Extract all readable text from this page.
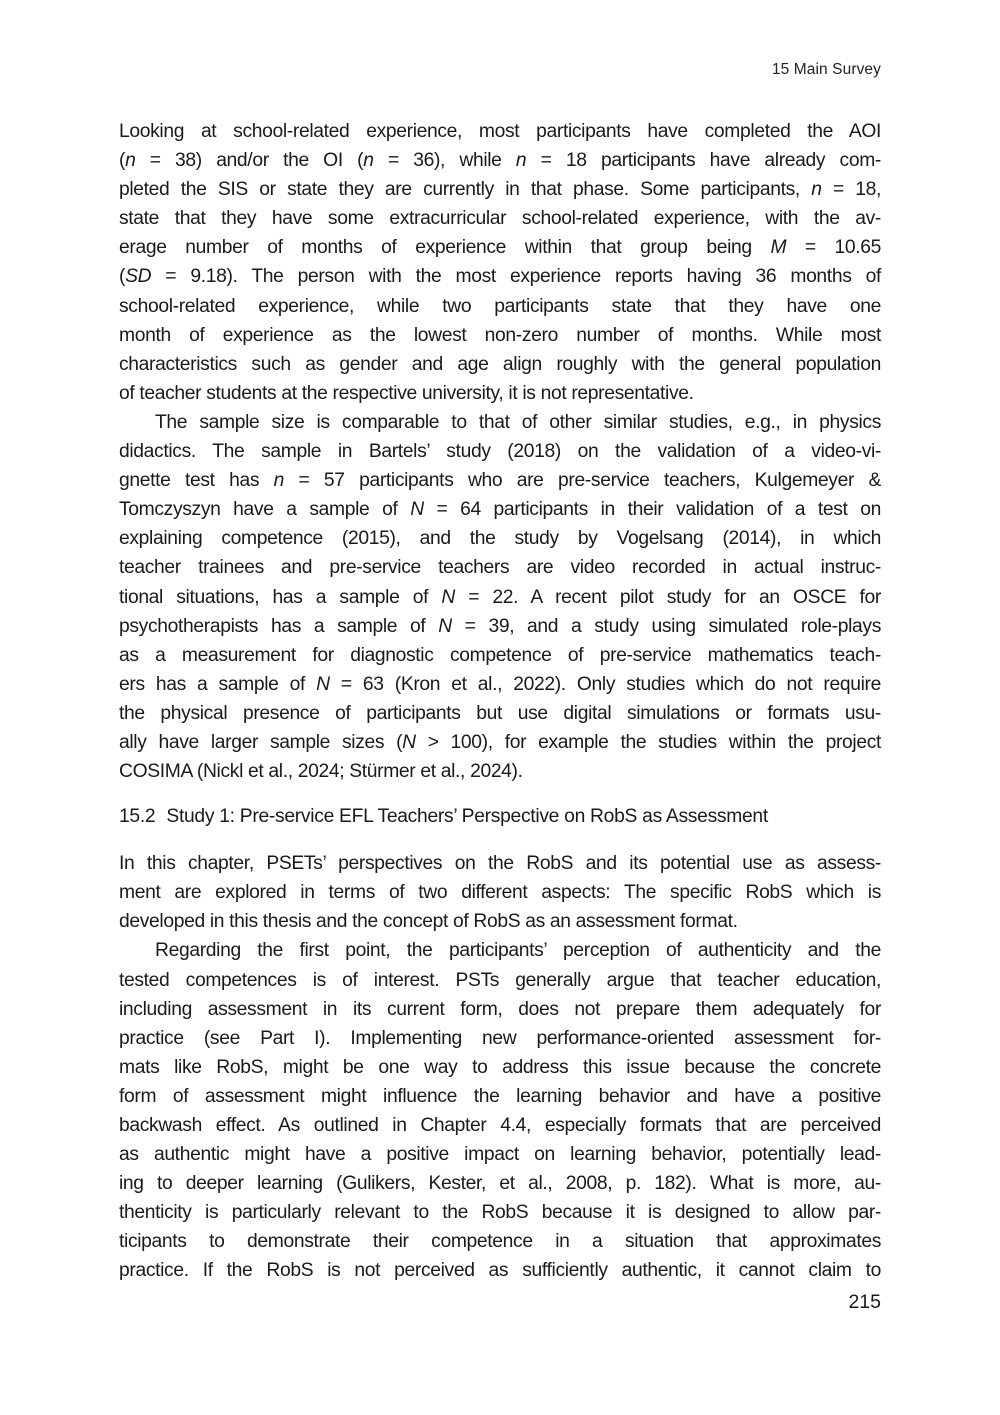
15 Main Survey

Looking at school-related experience, most participants have completed the AOI
(n = 38) and/or the OI (n = 36), while n = 18 participants have already com-
pleted the SIS or state they are currently in that phase. Some participants, n = 18,
state that they have some extracurricular school-related experience, with the av-
erage number of months of experience within that group being M = 10.65
(SD = 9.18). The person with the most experience reports having 36 months of
school-related experience, while two participants state that they have one
month of experience as the lowest non-zero number of months. While most
characteristics such as gender and age align roughly with the general population
of teacher students at the respective university, it is not representative.

The sample size is comparable to that of other similar studies, e.g., in physics
didactics. The sample in Bartels’ study (2018) on the validation of a video-vi-
gnette test has n = 57 participants who are pre-service teachers, Kulgemeyer &
Tomczyszyn have a sample of N = 64 participants in their validation of a test on
explaining competence (2015), and the study by Vogelsang (2014), in which
teacher trainees and pre-service teachers are video recorded in actual instruc-
tional situations, has a sample of N = 22. A recent pilot study for an OSCE for
psychotherapists has a sample of N = 39, and a study using simulated role-plays
as a measurement for diagnostic competence of pre-service mathematics teach-
ers has a sample of N = 63 (Kron et al., 2022). Only studies which do not require
the physical presence of participants but use digital simulations or formats usu-
ally have larger sample sizes (N > 100), for example the studies within the project
COSIMA (Nickl et al., 2024; Stürmer et al., 2024).

15.2 Study 1: Pre-service EFL Teachers’ Perspective on RobS as Assessment

In this chapter, PSETs’ perspectives on the RobS and its potential use as assess-
ment are explored in terms of two different aspects: The specific RobS which is
developed in this thesis and the concept of RobS as an assessment format.

Regarding the first point, the participants’ perception of authenticity and the
tested competences is of interest. PSTs generally argue that teacher education,
including assessment in its current form, does not prepare them adequately for
practice (see Part I). Implementing new performance-oriented assessment for-
mats like RobS, might be one way to address this issue because the concrete
form of assessment might influence the learning behavior and have a positive
backwash effect. As outlined in Chapter 4.4, especially formats that are perceived
as authentic might have a positive impact on learning behavior, potentially lead-
ing to deeper learning (Gulikers, Kester, et al., 2008, p. 182). What is more, au-
thenticity is particularly relevant to the RobS because it is designed to allow par-
ticipants to demonstrate their competence in a situation that approximates
practice. If the RobS is not perceived as sufficiently authentic, it cannot claim to

215
